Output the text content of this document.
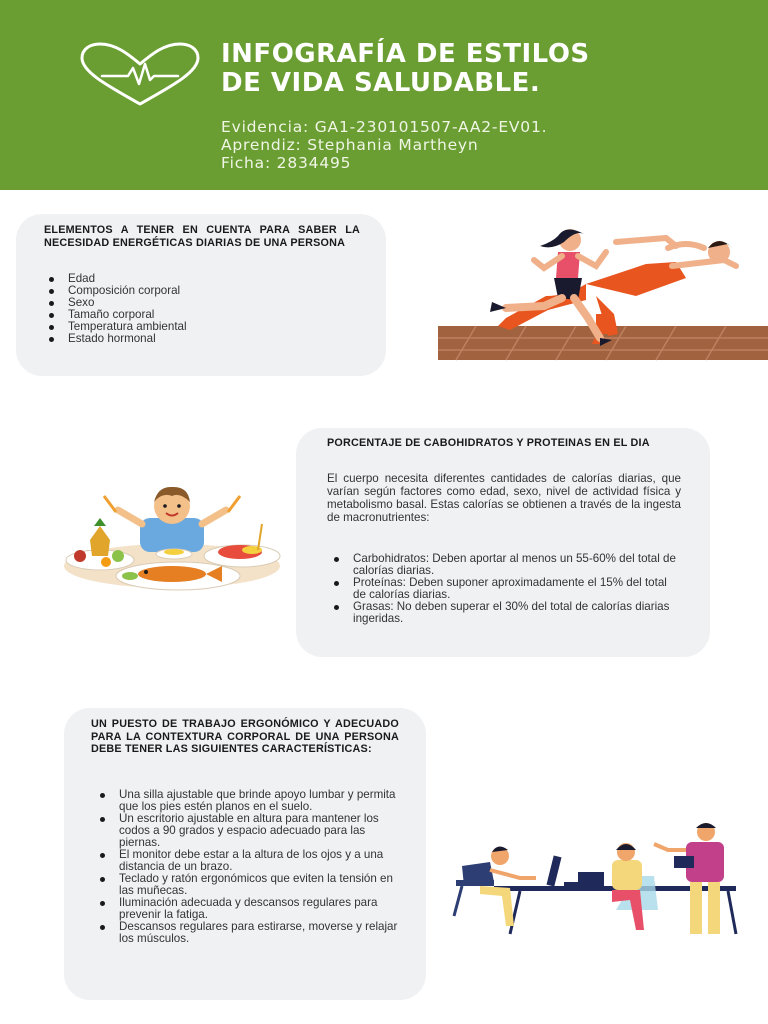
INFOGRAFÍA DE ESTILOS
DE VIDA SALUDABLE.
Evidencia: GA1-230101507-AA2-EV01.
Aprendiz: Stephania Martheyn
Ficha: 2834495
ELEMENTOS A TENER EN CUENTA PARA SABER LA NECESIDAD ENERGÉTICAS DIARIAS DE UNA PERSONA
Edad
Composición corporal
Sexo
Tamaño corporal
Temperatura ambiental
Estado hormonal
PORCENTAJE DE CABOHIDRATOS Y PROTEINAS EN EL DIA
El cuerpo necesita diferentes cantidades de calorías diarias, que varían según factores como edad, sexo, nivel de actividad física y metabolismo basal. Estas calorías se obtienen a través de la ingesta de macronutrientes:
Carbohidratos: Deben aportar al menos un 55-60% del total de calorías diarias.
Proteínas: Deben suponer aproximadamente el 15% del total de calorías diarias.
Grasas: No deben superar el 30% del total de calorías diarias ingeridas.
UN PUESTO DE TRABAJO ERGONÓMICO Y ADECUADO PARA LA CONTEXTURA CORPORAL DE UNA PERSONA DEBE TENER LAS SIGUIENTES CARACTERÍSTICAS:
Una silla ajustable que brinde apoyo lumbar y permita que los pies estén planos en el suelo.
Un escritorio ajustable en altura para mantener los codos a 90 grados y espacio adecuado para las piernas.
El monitor debe estar a la altura de los ojos y a una distancia de un brazo.
Teclado y ratón ergonómicos que eviten la tensión en las muñecas.
Iluminación adecuada y descansos regulares para prevenir la fatiga.
Descansos regulares para estirarse, moverse y relajar los músculos.
